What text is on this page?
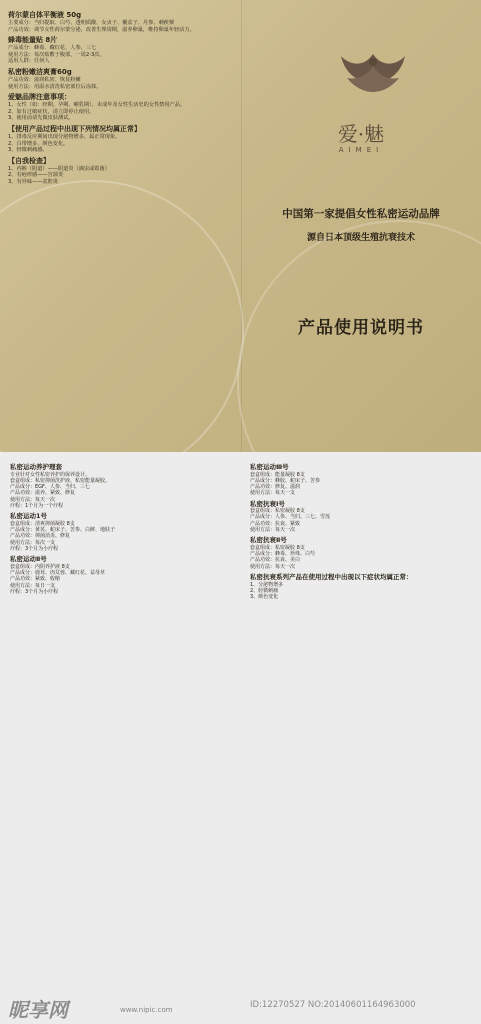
荷尔蒙自体平衡液 50g

主要成分：当归提取、白芍、透明质酸、女贞子、覆盆子、丹参、刺蒺藜

产品功效：调节女性荷尔蒙分泌，改善生理周期，滋养卵巢，维持卵巢年轻活力。

蜂毒能量贴 8片

产品成分：蜂毒、藏红花、人参、三七

使用方法：每次贴敷于腹部，一周2-3次。

适用人群：任何人

私密粉嫩洁爽膏60g

产品功效：滋润私密、恢复粉嫩

使用方法：用温水清洗私密部位后涂抹。

爱魅品牌注意事项：

1、女性（如：经期、孕期、哺乳期），未成年及女性生活史的女性禁用产品。

2、如有过敏症状，请立即停止使用。

3、使用前请先做皮肤测试。

【使用产品过程中出现下列情况均属正常】

1、排毒反应期间出现分泌物增多，属正常现象。

2、白带增多，颜色变化。

3、轻微刺痛感。

【自我检查】

1、内裤（阴道）——阴道炎（滴虫或霉菌）

2、有疱疹感——宫颈炎

3、有异味——盆腔炎

爱·魅
AIMEI
中国第一家提倡女性私密运动品牌
源自日本顶级生殖抗衰技术
产品使用说明书
私密运动养护理套

专业针对女性私密养护的保养设计。

套盒组成：私密抑菌洗护液、私密能量凝胶。

产品成分：EGF、人参、当归、三七

产品功效：滋养、紧致、修复

使用方法：每天一次

疗程：1个月为一个疗程

私密运动1号

套盒组成：清爽抑菌凝胶 8支

产品成分：黄芪、蛇床子、苦参、白鲜、地肤子

产品功效：抑菌消炎、修复

使用方法：每次一支

疗程：3个月为小疗程

私密运动Ⅱ号

套盒组成：内阴养护液 8支

产品成分：鹿茸、肉苁蓉、藏红花、益母草

产品功效：紧致、收缩

使用方法：每日一支

疗程：3个月为小疗程

私密运动Ⅲ号

套盒组成：能量凝胶 8支

产品成分：蜂胶、蛇床子、苦参

产品功效：修复、滋润

使用方法：每天一支

私密抗衰Ⅰ号

套盒组成：私密凝胶 8支

产品成分：人参、当归、三七、雪莲

产品功效：抗衰、紧致

使用方法：每天一次

私密抗衰Ⅱ号

套盒组成：私密凝胶 8支

产品成分：蜂毒、珍珠、白芍

产品功效：抗衰、美白

使用方法：每天一次

私密抗衰系列产品在使用过程中出现以下症状均属正常：

1、分泌物增多

2、轻微刺痛

3、颜色变化

昵享网	www.nipic.com	ID:12270527 NO:20140601164963000
